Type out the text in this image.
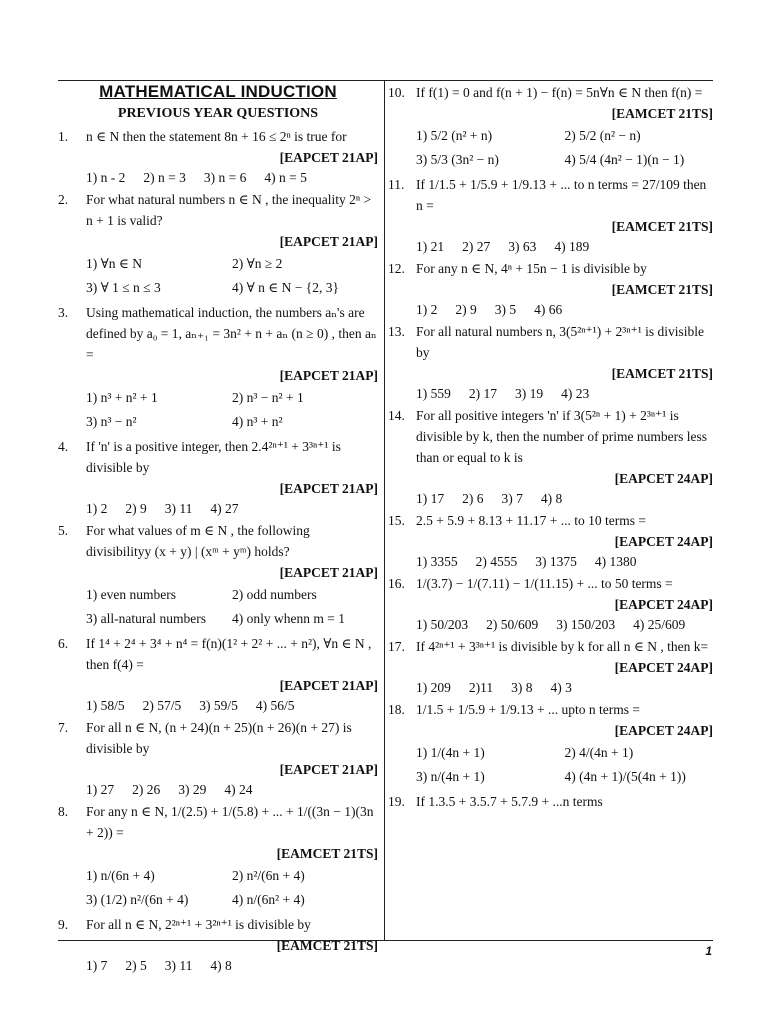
MATHEMATICAL INDUCTION
PREVIOUS YEAR QUESTIONS
1.	n ∈ N then the statement 8n + 16 ≤ 2ⁿ is true for
[EAPCET 21AP]
1) n - 2 2) n = 3 3) n = 6 4) n = 5
2.	For what natural numbers n ∈ N , the inequality 2ⁿ > n + 1 is valid?
[EAPCET 21AP]
1) ∀n ∈ N	2) ∀n ≥ 2
3) ∀ 1 ≤ n ≤ 3	4) ∀ n ∈ N − {2, 3}
3.	Using mathematical induction, the numbers aₙ's are defined by a₀ = 1, aₙ₊₁ = 3n² + n + aₙ (n ≥ 0) , then aₙ =
[EAPCET 21AP]
1) n³ + n² + 1	2) n³ − n² + 1
3) n³ − n²	4) n³ + n²
4.	If 'n' is a positive integer, then 2.4²ⁿ⁺¹ + 3³ⁿ⁺¹ is divisible by
[EAPCET 21AP]
1) 2 2) 9 3) 11 4) 27
5.	For what values of m ∈ N , the following divisibilityy (x + y) | (xᵐ + yᵐ) holds?
[EAPCET 21AP]
1) even numbers	2) odd numbers
3) all-natural numbers	4) only whenn m = 1
6.	If 1⁴ + 2⁴ + 3⁴ + n⁴ = f(n)(1² + 2² + ... + n²), ∀n ∈ N , then f(4) =
[EAPCET 21AP]
1) 58/5 2) 57/5 3) 59/5 4) 56/5
7.	For all n ∈ N, (n + 24)(n + 25)(n + 26)(n + 27) is divisible by
[EAPCET 21AP]
1) 27 2) 26 3) 29 4) 24
8.	For any n ∈ N, 1/(2.5) + 1/(5.8) + ... + 1/((3n − 1)(3n + 2)) =
[EAMCET 21TS]
1) n/(6n + 4)	2) n²/(6n + 4)
3) (1/2) n²/(6n + 4)	4) n/(6n² + 4)
9.	For all n ∈ N, 2²ⁿ⁺¹ + 3²ⁿ⁺¹ is divisible by
[EAMCET 21TS]
1) 7 2) 5 3) 11 4) 8
10. If f(1) = 0 and f(n + 1) − f(n) = 5n∀n ∈ N then f(n) =
[EAMCET 21TS]
1) 5/2 (n² + n)	2) 5/2 (n² − n)
3) 5/3 (3n² − n)	4) 5/4 (4n² − 1)(n − 1)
11. If 1/1.5 + 1/5.9 + 1/9.13 + ... to n terms = 27/109 then n =
[EAMCET 21TS]
1) 21 2) 27 3) 63 4) 189
12. For any n ∈ N, 4ⁿ + 15n − 1 is divisible by
[EAMCET 21TS]
1) 2 2) 9 3) 5 4) 66
13. For all natural numbers n, 3(5²ⁿ⁺¹) + 2³ⁿ⁺¹ is divisible by
[EAMCET 21TS]
1) 559 2) 17 3) 19 4) 23
14. For all positive integers 'n' if 3(5²ⁿ + 1) + 2³ⁿ⁺¹ is divisible by k, then the number of prime numbers less than or equal to k is
[EAPCET 24AP]
1) 17 2) 6 3) 7 4) 8
15. 2.5 + 5.9 + 8.13 + 11.17 + ... to 10 terms =
[EAPCET 24AP]
1) 3355 2) 4555 3) 1375 4) 1380
16. 1/(3.7) − 1/(7.11) − 1/(11.15) + ... to 50 terms =
[EAPCET 24AP]
1) 50/203 2) 50/609 3) 150/203 4) 25/609
17. If 4²ⁿ⁺¹ + 3³ⁿ⁺¹ is divisible by k for all n ∈ N , then k=
[EAPCET 24AP]
1) 209 2)11 3) 8 4) 3
18. 1/1.5 + 1/5.9 + 1/9.13 + ... upto n terms =
[EAPCET 24AP]
1) 1/(4n + 1)	2) 4/(4n + 1)
3) n/(4n + 1)	4) (4n + 1)/(5(4n + 1))
19. If 1.3.5 + 3.5.7 + 5.7.9 + ...n terms
1
